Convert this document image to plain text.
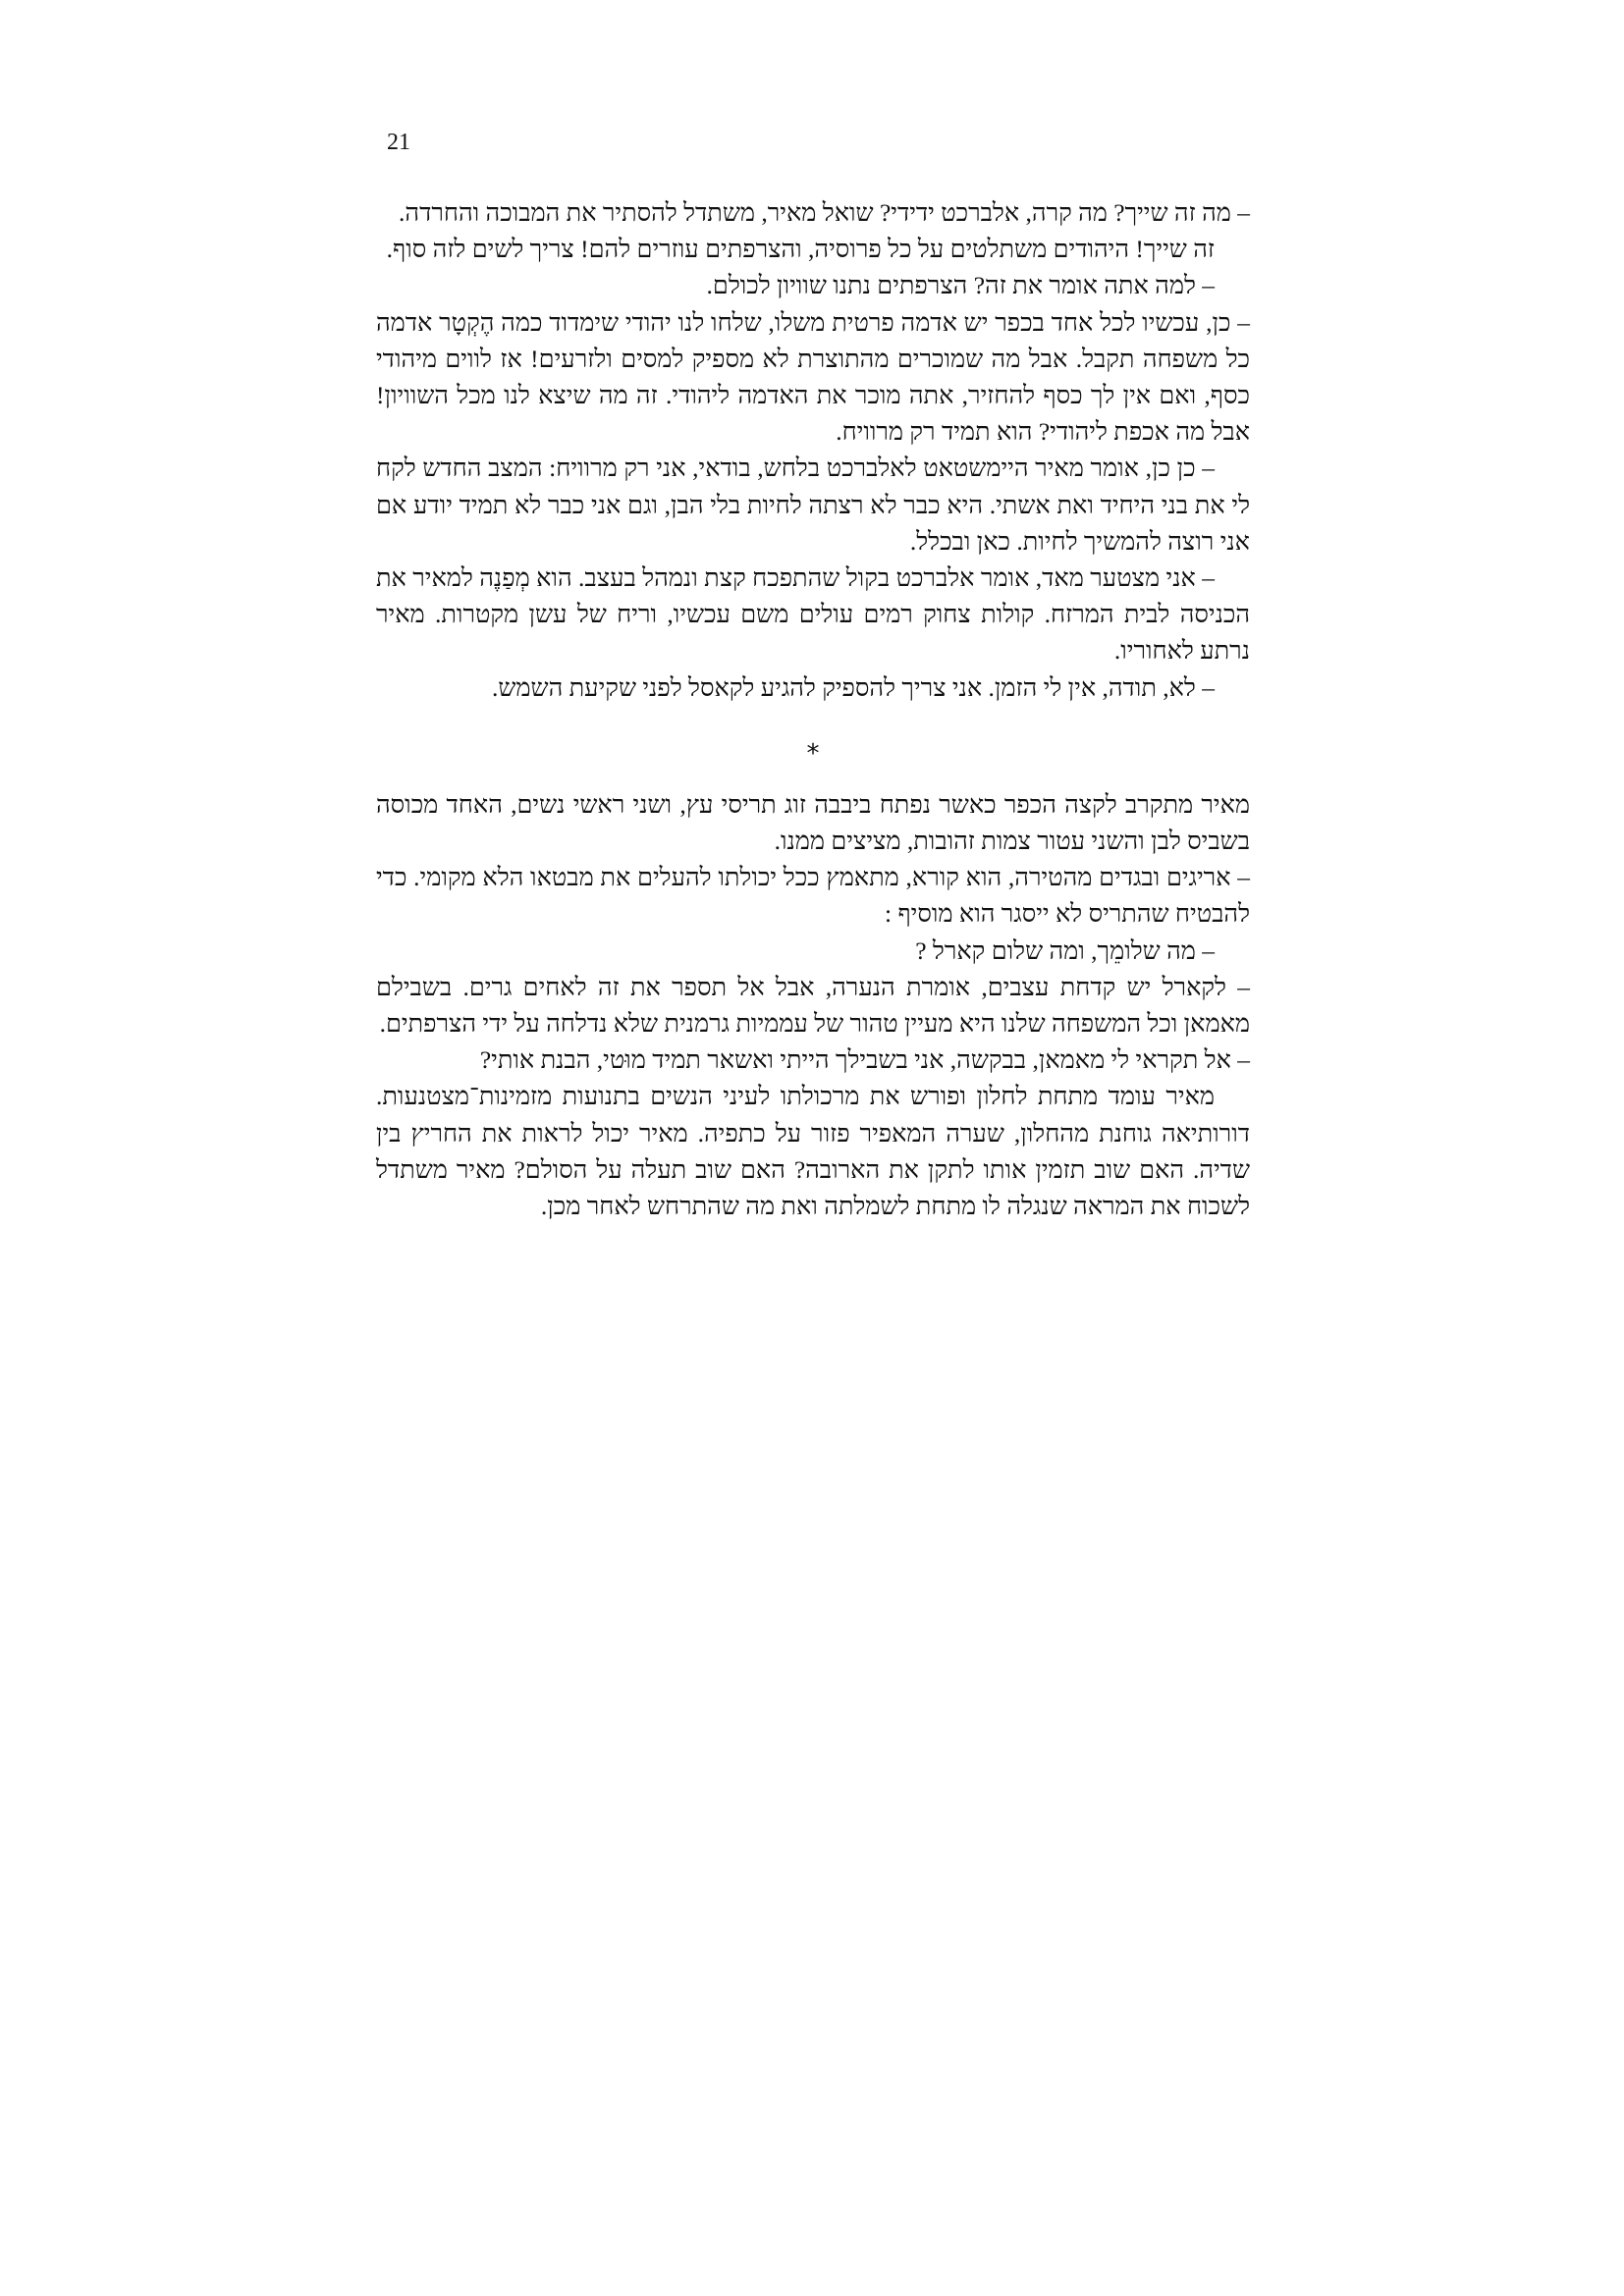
21

– מה זה שייך? מה קרה, אלברכט ידידי? שואל מאיר, משתדל להסתיר את המבוכה והחרדה.

זה שייך! היהודים משתלטים על כל פרוסיה, והצרפתים עוזרים להם! צריך לשים לזה סוף.

– למה אתה אומר את זה? הצרפתים נתנו שוויון לכולם.

– כן, עכשיו לכל אחד בכפר יש אדמה פרטית משלו, שלחו לנו יהודי שימדוד כמה הֶקְטָר אדמה כל משפחה תקבל. אבל מה שמוכרים מהתוצרת לא מספיק למסים ולזרעים! אז לווים מיהודי כסף, ואם אין לך כסף להחזיר, אתה מוכר את האדמה ליהודי. זה מה שיצא לנו מכל השוויון! אבל מה אכפת ליהודי? הוא תמיד רק מרוויח.

– כן כן, אומר מאיר היימשטאט לאלברכט בלחש, בודאי, אני רק מרוויח: המצב החדש לקח לי את בני היחיד ואת אשתי. היא כבר לא רצתה לחיות בלי הבן, וגם אני כבר לא תמיד יודע אם אני רוצה להמשיך לחיות. כאן ובכלל.

– אני מצטער מאד, אומר אלברכט בקול שהתפכח קצת ונמהל בעצב. הוא מְפַנֶה למאיר את הכניסה לבית המרזח. קולות צחוק רמים עולים משם עכשיו, וריח של עשן מקטרות. מאיר נרתע לאחוריו.

– לא, תודה, אין לי הזמן. אני צריך להספיק להגיע לקאסל לפני שקיעת השמש.

*

מאיר מתקרב לקצה הכפר כאשר נפתח ביבבה זוג תריסי עץ, ושני ראשי נשים, האחד מכוסה בשביס לבן והשני עטור צמות זהובות, מציצים ממנו.

– אריגים ובגדים מהטירה, הוא קורא, מתאמץ ככל יכולתו להעלים את מבטאו הלא מקומי. כדי להבטיח שהתריס לא ייסגר הוא מוסיף :

– מה שלומֵך, ומה שלום קארל ?

– לקארל יש קדחת עצבים, אומרת הנערה, אבל אל תספר את זה לאחים גרים. בשבילם מאמאן וכל המשפחה שלנו היא מעיין טהור של עממיות גרמנית שלא נדלחה על ידי הצרפתים.

– אל תקראי לי מאמאן, בבקשה, אני בשבילך הייתי ואשאר תמיד מוּטי, הבנת אותי?

מאיר עומד מתחת לחלון ופורש את מרכולתו לעיני הנשים בתנועות מזמינות־מצטנעות. דורותיאה גוחנת מהחלון, שערה המאפיר פזור על כתפיה. מאיר יכול לראות את החריץ בין שדיה. האם שוב תזמין אותו לתקן את הארובה? האם שוב תעלה על הסולם? מאיר משתדל לשכוח את המראה שנגלה לו מתחת לשמלתה ואת מה שהתרחש לאחר מכן.
